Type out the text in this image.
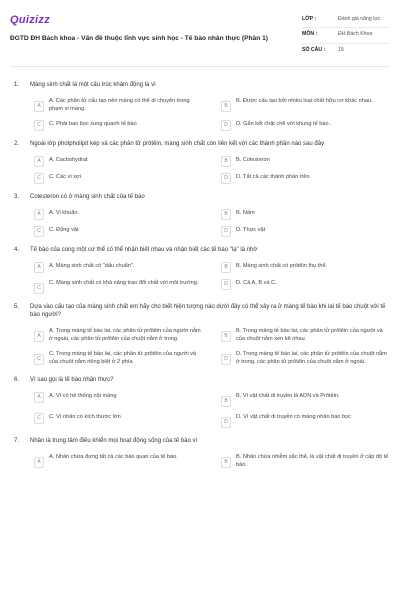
Quizizz
ĐGTD ĐH Bách khoa - Vấn đề thuộc lĩnh vực sinh học - Tế bào nhân thực (Phần 1)
LỚP :	Đánh giá năng lực
MÔN :	ĐH Bách Khoa
SỐ CÂU :	15
1.	Màng sinh chất là một cấu trúc khảm động là vì
A
A. Các phân tử cấu tạo nên màng có thể di chuyển trong phạm vi màng.	B
B. Được cấu tạo bởi nhiều loại chất hữu cơ khác nhau.
C	C. Phải bao bọc xung quanh tế bào	D	D. Gắn kết chặt chẽ với khung tế bào .
2.	Ngoài lớp photpholipit kép và các phân tử prôtêin, màng sinh chất còn liên kết với các thành phần nào sau đây
A	A. Cacbohydrat	B	B. Colesteron
C	C. Các vi sợi	D	D. Tất cả các thành phần trên
3.	Colesteron có ở màng sinh chất của tế bào
A	A. Vi khuẩn.	B	B. Nấm
C	C. Động vật	D	D. Thực vật
4.	Tế bào của cùng một cơ thể có thể nhận biết nhau và nhận biết các tế bào "lạ" là nhờ
A	A. Màng sinh chất có "dấu chuẩn".	B	B. Màng sinh chất có prôtêin thụ thể.
C
C. Màng sinh chất có khả năng trao đổi chất với môi trường.	D	D. Cả A, B và C.
5.	Dựa vào cấu tạo của màng sinh chất em hãy cho biết hiện tượng nào dưới đây có thể xảy ra ở màng tế bào khi lai tế bào chuột với tế bào người?
A
A. Trong màng tế bào lai, các phân tử prôtêin của người nằm ở ngoài, các phân tử prôtêin của chuột nằm ở trong.	B
B. Trong màng tế bào lai, các phân tử prôtêin của người và của chuột nằm xen kẽ nhau
C
C. Trong màng tế bào lai, các phân tử prôtêin của người và của chuột nằm riêng biệt ở 2 phía	D
D. Trong màng tế bào lai, các phân tử prôtêin của chuột nằm ở trong, các phân tử prôtêin của chuột nằm ở ngoài.
6.	Vì sao gọi là tế bào nhân thực?
A	A. Vì có hệ thống nội màng
B
B. Vì vật chất di truyền là ADN và Prôtêin.
C	C. Vì nhân có kích thước lớn
D
D. Vì vật chất di truyền có màng nhân bao bọc
7.	Nhân là trung tâm điều khiển mọi hoạt động sống của tế bào vì
A
A. Nhân chứa đựng tất cả các bào quan của tế bào.
B
B. Nhân chứa nhiễm sắc thể, là vật chất di truyền ở cấp độ tế bào.
